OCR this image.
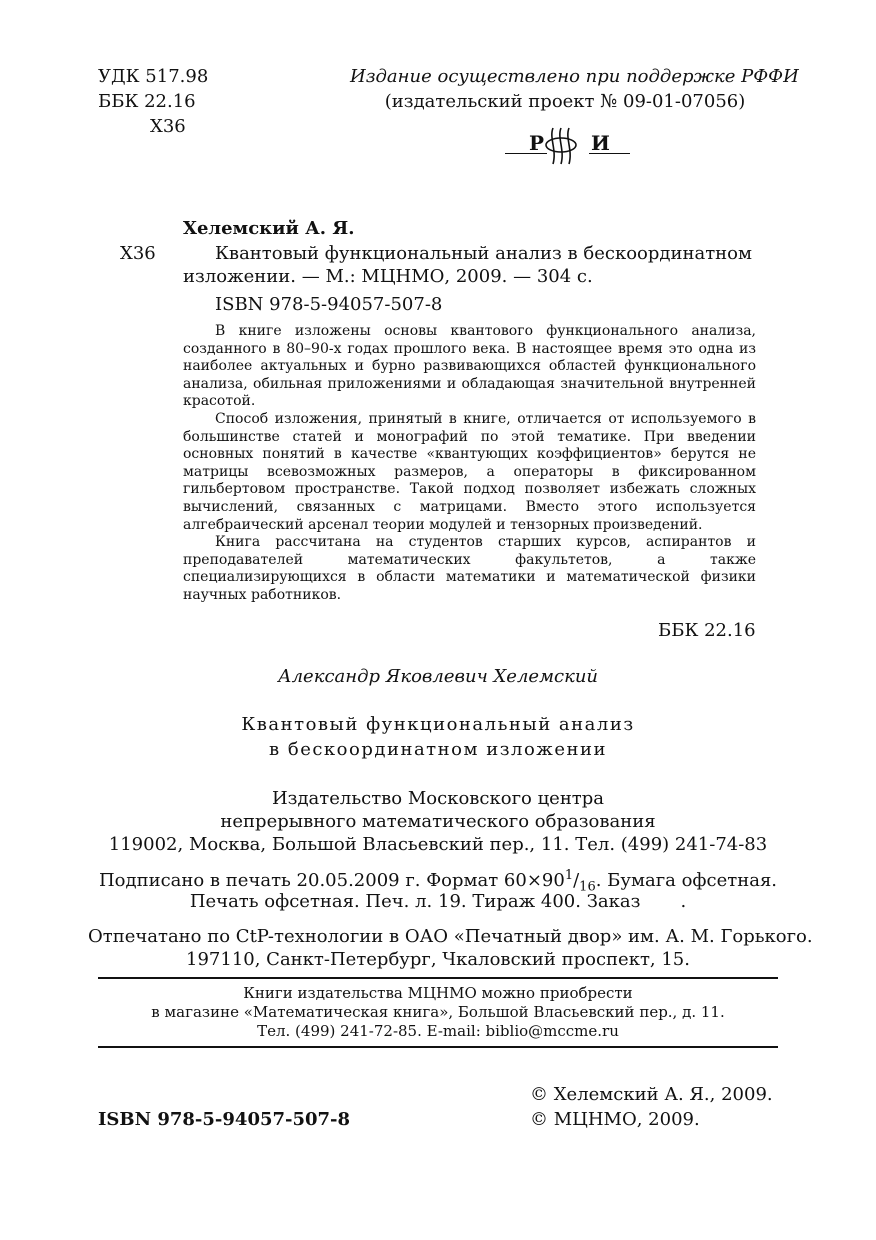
УДК 517.98
ББК 22.16
Х36
Издание осуществлено при поддержке РФФИ
(издательский проект № 09-01-07056)
Р И
Хелемский А. Я.
Х36	Квантовый функциональный анализ в бескоординатном
изложении. — М.: МЦНМО, 2009. — 304 с.
ISBN 978-5-94057-507-8

В книге изложены основы квантового функционального анализа, созданного в 80–90-х годах прошлого века. В настоящее время это одна из наиболее актуальных и бурно развивающихся областей функционального анализа, обильная приложениями и обладающая значительной внутренней красотой.

Способ изложения, принятый в книге, отличается от используемого в большинстве статей и монографий по этой тематике. При введении основных понятий в качестве «квантующих коэффициентов» берутся не матрицы всевозможных размеров, а операторы в фиксированном гильбертовом пространстве. Такой подход позволяет избежать сложных вычислений, связанных с матрицами. Вместо этого используется алгебраический арсенал теории модулей и тензорных произведений.

Книга рассчитана на студентов старших курсов, аспирантов и преподавателей математических факультетов, а также специализирующихся в области математики и математической физики научных работников.

ББК 22.16
Александр Яковлевич Хелемский
Квантовый функциональный анализ
в бескоординатном изложении
Издательство Московского центра
непрерывного математического образования
119002, Москва, Большой Власьевский пер., 11. Тел. (499) 241-74-83
Подписано в печать 20.05.2009 г. Формат $60\times 90^1/_{16}$. Бумага офсетная.
Печать офсетная. Печ. л. 19. Тираж 400. Заказ .
Отпечатано по CtP-технологии в ОАО «Печатный двор» им. А. М. Горького.
197110, Санкт-Петербург, Чкаловский проспект, 15.
Книги издательства МЦНМО можно приобрести
в магазине «Математическая книга», Большой Власьевский пер., д. 11.
Тел. (499) 241-72-85. E-mail: biblio@mccme.ru
© Хелемский А. Я., 2009.
ISBN 978-5-94057-507-8	© МЦНМО, 2009.
